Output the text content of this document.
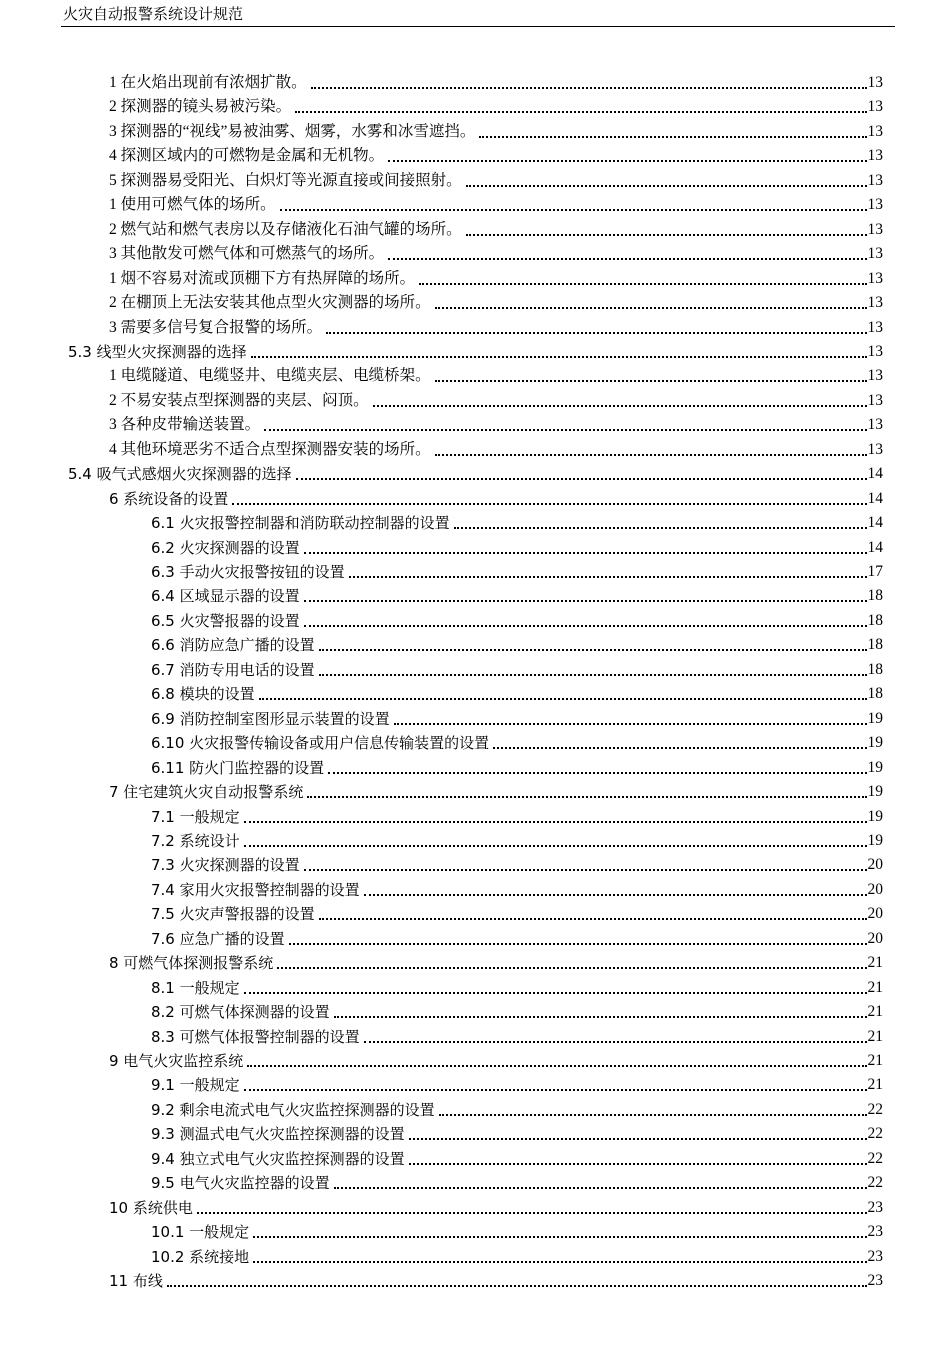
火灾自动报警系统设计规范
1 在火焰出现前有浓烟扩散。	13
2 探测器的镜头易被污染。	13
3 探测器的“视线”易被油雾、烟雾，水雾和冰雪遮挡。	13
4 探测区域内的可燃物是金属和无机物。	13
5 探测器易受阳光、白炽灯等光源直接或间接照射。	13
1 使用可燃气体的场所。	13
2 燃气站和燃气表房以及存储液化石油气罐的场所。	13
3 其他散发可燃气体和可燃蒸气的场所。	13
1 烟不容易对流或顶棚下方有热屏障的场所。	13
2 在棚顶上无法安装其他点型火灾测器的场所。	13
3 需要多信号复合报警的场所。	13
5.3 线型火灾探测器的选择	13
1 电缆隧道、电缆竖井、电缆夹层、电缆桥架。	13
2 不易安装点型探测器的夹层、闷顶。	13
3 各种皮带输送装置。	13
4 其他环境恶劣不适合点型探测器安装的场所。	13
5.4 吸气式感烟火灾探测器的选择	14
6 系统设备的设置	14
6.1 火灾报警控制器和消防联动控制器的设置	14
6.2 火灾探测器的设置	14
6.3 手动火灾报警按钮的设置	17
6.4 区域显示器的设置	18
6.5 火灾警报器的设置	18
6.6 消防应急广播的设置	18
6.7 消防专用电话的设置	18
6.8 模块的设置	18
6.9 消防控制室图形显示装置的设置	19
6.10 火灾报警传输设备或用户信息传输装置的设置	19
6.11 防火门监控器的设置	19
7 住宅建筑火灾自动报警系统	19
7.1 一般规定	19
7.2 系统设计	19
7.3 火灾探测器的设置	20
7.4 家用火灾报警控制器的设置	20
7.5 火灾声警报器的设置	20
7.6 应急广播的设置	20
8 可燃气体探测报警系统	21
8.1 一般规定	21
8.2 可燃气体探测器的设置	21
8.3 可燃气体报警控制器的设置	21
9 电气火灾监控系统	21
9.1 一般规定	21
9.2 剩余电流式电气火灾监控探测器的设置	22
9.3 测温式电气火灾监控探测器的设置	22
9.4 独立式电气火灾监控探测器的设置	22
9.5 电气火灾监控器的设置	22
10 系统供电	23
10.1 一般规定	23
10.2 系统接地	23
11 布线	23
